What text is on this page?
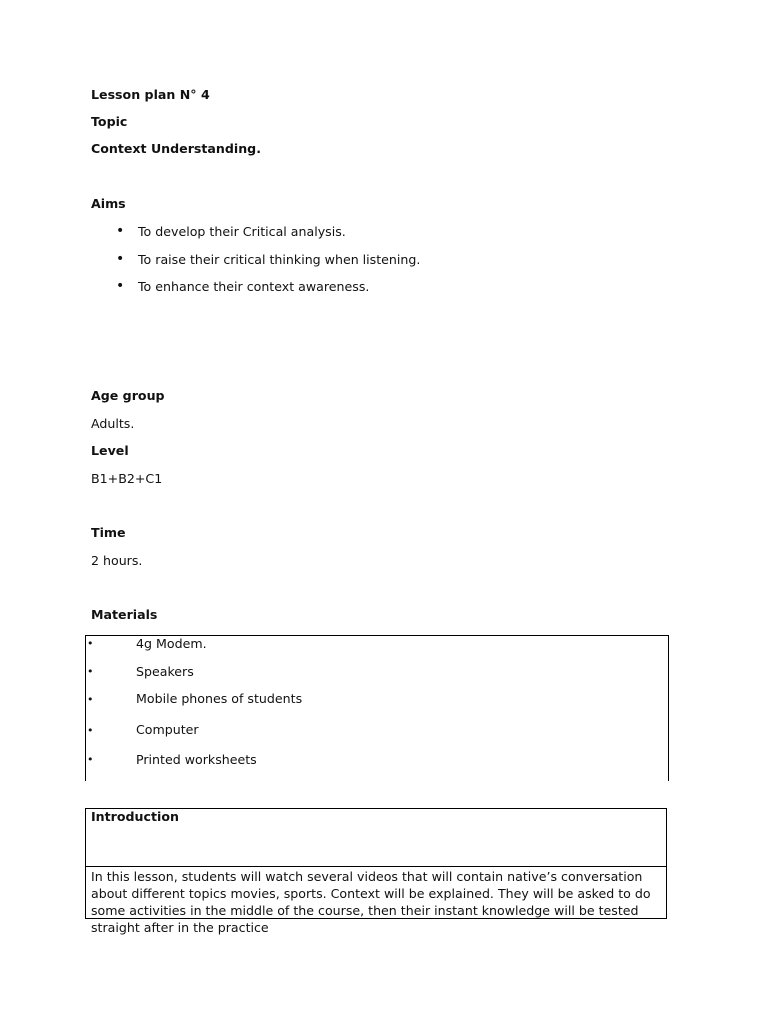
Lesson plan N° 4
Topic
Context Understanding.
Aims
• To develop their Critical analysis.
• To raise their critical thinking when listening.
• To enhance their context awareness.
Age group
Adults.
Level
B1+B2+C1
Time
2 hours.
Materials
•	4g Modem.
•	Speakers
•	Mobile phones of students
•	Computer
•	Printed worksheets
Introduction
In this lesson, students will watch several videos that will contain native’s conversation about different topics movies, sports. Context will be explained. They will be asked to do some activities in the middle of the course, then their instant knowledge will be tested straight after in the practice
